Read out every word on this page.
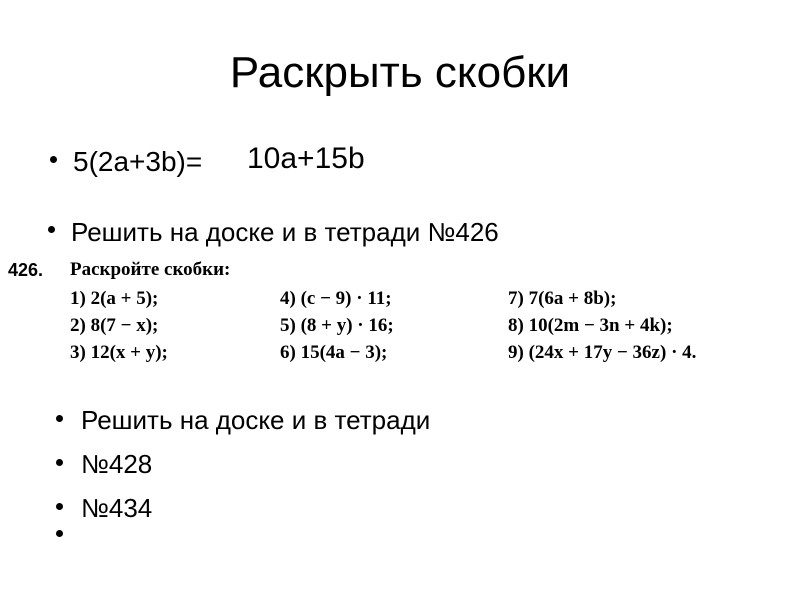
Раскрыть скобки
5(2a+3b)= 10a+15b
Решить на доске и в тетради №426
426. Раскройте скобки:
1) 2(a + 5);
2) 8(7 − x);
3) 12(x + y);
4) (c − 9) · 11;
5) (8 + y) · 16;
6) 15(4a − 3);
7) 7(6a + 8b);
8) 10(2m − 3n + 4k);
9) (24x + 17y − 36z) · 4.
Решить на доске и в тетради
№428
№434
